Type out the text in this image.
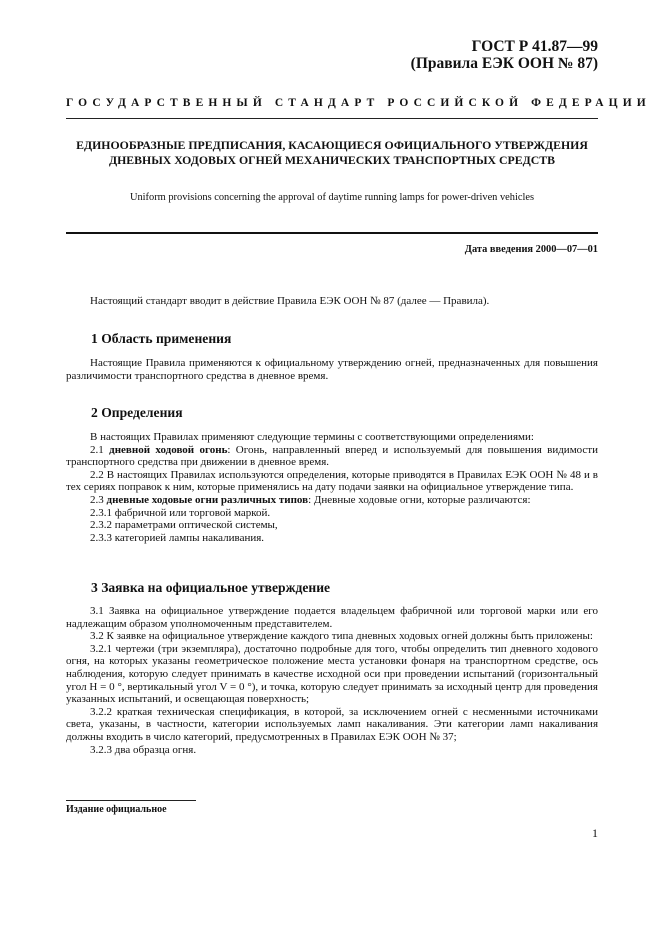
ГОСТ Р 41.87—99
(Правила ЕЭК ООН № 87)
ГОСУДАРСТВЕННЫЙ СТАНДАРТ РОССИЙСКОЙ ФЕДЕРАЦИИ
ЕДИНООБРАЗНЫЕ ПРЕДПИСАНИЯ, КАСАЮЩИЕСЯ ОФИЦИАЛЬНОГО УТВЕРЖДЕНИЯ
ДНЕВНЫХ ХОДОВЫХ ОГНЕЙ МЕХАНИЧЕСКИХ ТРАНСПОРТНЫХ СРЕДСТВ
Uniform provisions concerning the approval of daytime running lamps for power-driven vehicles
Дата введения 2000—07—01

Настоящий стандарт вводит в действие Правила ЕЭК ООН № 87 (далее — Правила).

1 Область применения

Настоящие Правила применяются к официальному утверждению огней, предназначенных для повышения различимости транспортного средства в дневное время.

2 Определения

В настоящих Правилах применяют следующие термины с соответствующими определениями:

2.1 дневной ходовой огонь: Огонь, направленный вперед и используемый для повышения видимости транспортного средства при движении в дневное время.

2.2 В настоящих Правилах используются определения, которые приводятся в Правилах ЕЭК ООН № 48 и в тех сериях поправок к ним, которые применялись на дату подачи заявки на официальное утверждение типа.

2.3 дневные ходовые огни различных типов: Дневные ходовые огни, которые различаются:

2.3.1 фабричной или торговой маркой.

2.3.2 параметрами оптической системы,

2.3.3 категорией лампы накаливания.

3 Заявка на официальное утверждение

3.1 Заявка на официальное утверждение подается владельцем фабричной или торговой марки или его надлежащим образом уполномоченным представителем.

3.2 К заявке на официальное утверждение каждого типа дневных ходовых огней должны быть приложены:

3.2.1 чертежи (три экземпляра), достаточно подробные для того, чтобы определить тип дневного ходового огня, на которых указаны геометрическое положение места установки фонаря на транспортном средстве, ось наблюдения, которую следует принимать в качестве исходной оси при проведении испытаний (горизонтальный угол H = 0 °, вертикальный угол V = 0 °), и точка, которую следует принимать за исходный центр для проведения указанных испытаний, и освещающая поверхность;

3.2.2 краткая техническая спецификация, в которой, за исключением огней с несменными источниками света, указаны, в частности, категории используемых ламп накаливания. Эти категории ламп накаливания должны входить в число категорий, предусмотренных в Правилах ЕЭК ООН № 37;

3.2.3 два образца огня.

Издание официальное
1
